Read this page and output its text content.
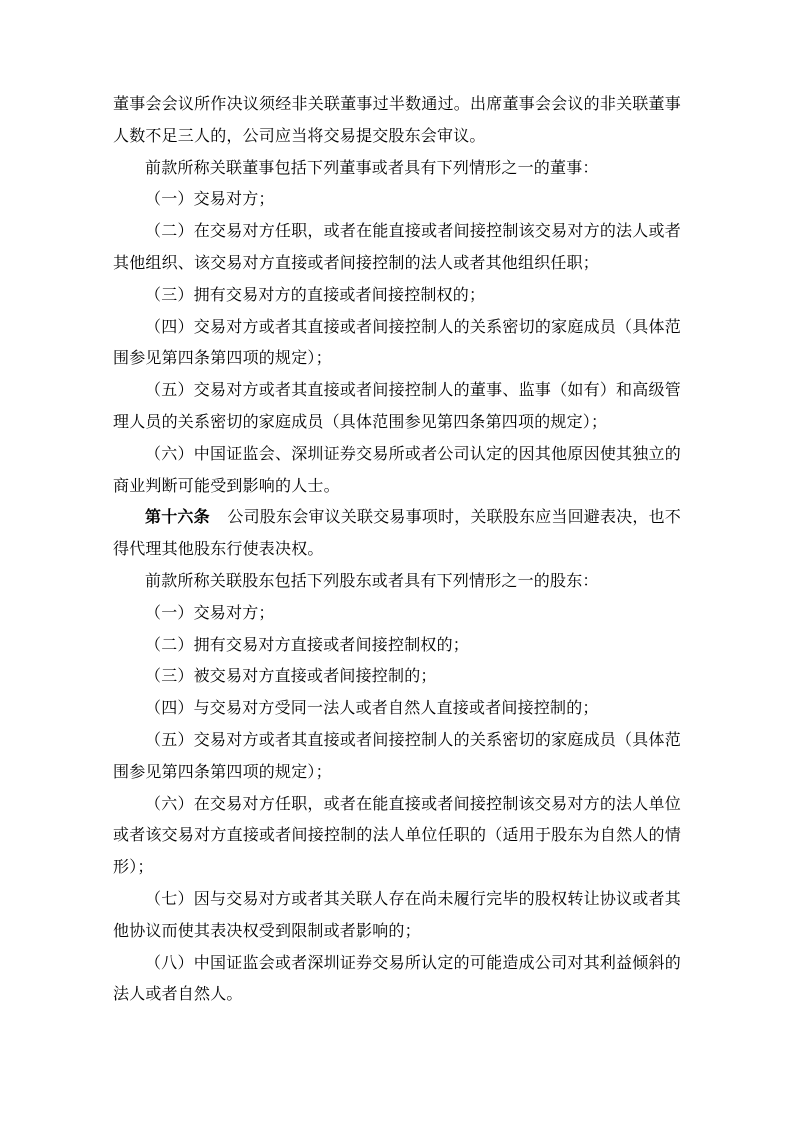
董事会会议所作决议须经非关联董事过半数通过。出席董事会会议的非关联董事人数不足三人的，公司应当将交易提交股东会审议。

前款所称关联董事包括下列董事或者具有下列情形之一的董事：

（一）交易对方；

（二）在交易对方任职，或者在能直接或者间接控制该交易对方的法人或者其他组织、该交易对方直接或者间接控制的法人或者其他组织任职；

（三）拥有交易对方的直接或者间接控制权的；

（四）交易对方或者其直接或者间接控制人的关系密切的家庭成员（具体范围参见第四条第四项的规定）；

（五）交易对方或者其直接或者间接控制人的董事、监事（如有）和高级管理人员的关系密切的家庭成员（具体范围参见第四条第四项的规定）；

（六）中国证监会、深圳证券交易所或者公司认定的因其他原因使其独立的商业判断可能受到影响的人士。

第十六条 公司股东会审议关联交易事项时，关联股东应当回避表决，也不得代理其他股东行使表决权。

前款所称关联股东包括下列股东或者具有下列情形之一的股东：

（一）交易对方；

（二）拥有交易对方直接或者间接控制权的；

（三）被交易对方直接或者间接控制的；

（四）与交易对方受同一法人或者自然人直接或者间接控制的；

（五）交易对方或者其直接或者间接控制人的关系密切的家庭成员（具体范围参见第四条第四项的规定）；

（六）在交易对方任职，或者在能直接或者间接控制该交易对方的法人单位或者该交易对方直接或者间接控制的法人单位任职的（适用于股东为自然人的情形）；

（七）因与交易对方或者其关联人存在尚未履行完毕的股权转让协议或者其他协议而使其表决权受到限制或者影响的；

（八）中国证监会或者深圳证券交易所认定的可能造成公司对其利益倾斜的法人或者自然人。
